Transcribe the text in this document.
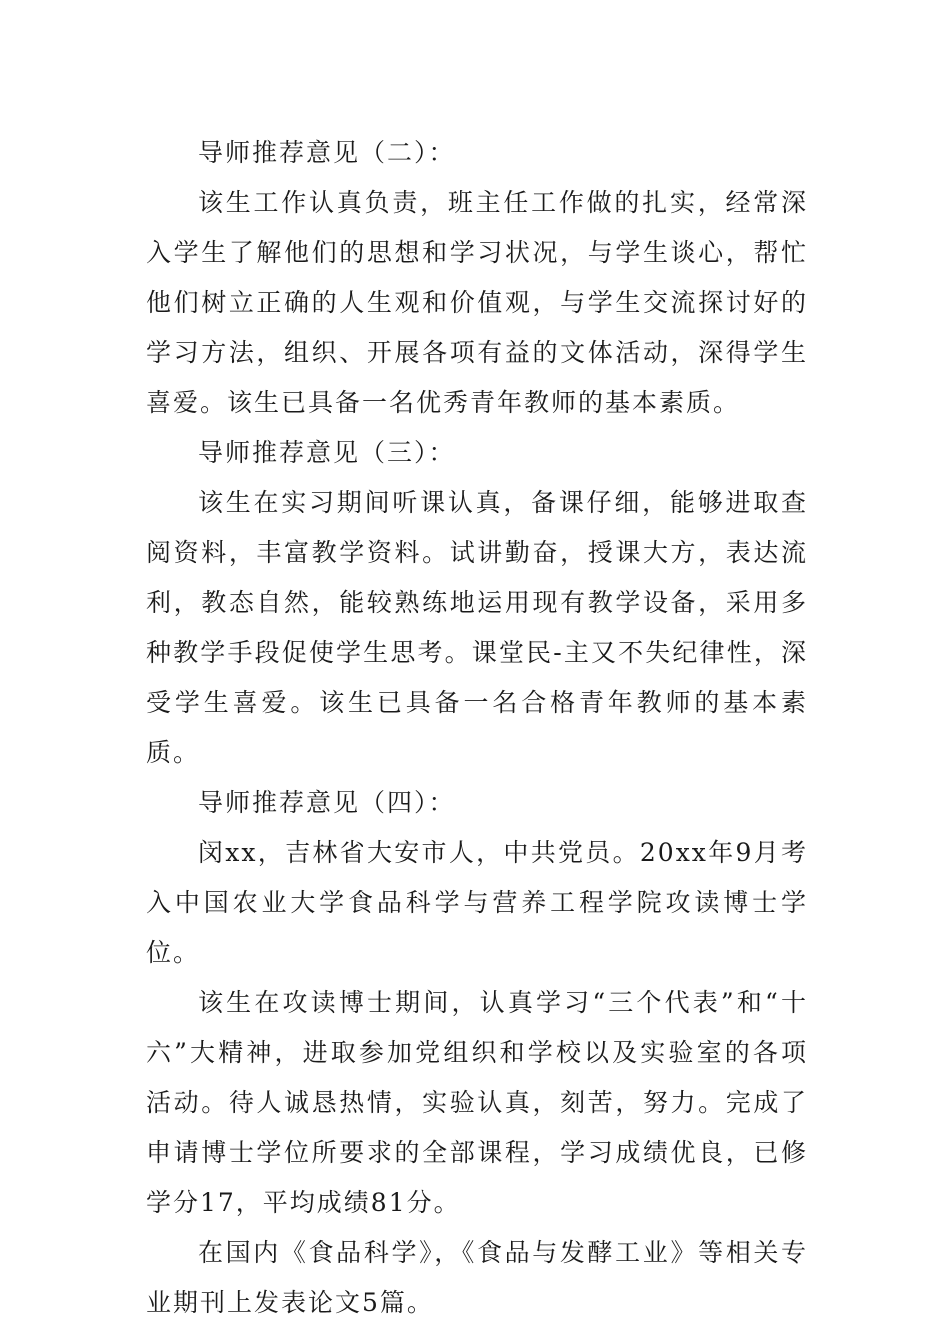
导师推荐意见（二）：

该生工作认真负责，班主任工作做的扎实，经常深入学生了解他们的思想和学习状况，与学生谈心，帮忙他们树立正确的人生观和价值观，与学生交流探讨好的学习方法，组织、开展各项有益的文体活动，深得学生喜爱。该生已具备一名优秀青年教师的基本素质。

导师推荐意见（三）：

该生在实习期间听课认真，备课仔细，能够进取查阅资料，丰富教学资料。试讲勤奋，授课大方，表达流利，教态自然，能较熟练地运用现有教学设备，采用多种教学手段促使学生思考。课堂民-主又不失纪律性，深受学生喜爱。该生已具备一名合格青年教师的基本素质。

导师推荐意见（四）：

闵xx，吉林省大安市人，中共党员。20xx年9月考入中国农业大学食品科学与营养工程学院攻读博士学位。

该生在攻读博士期间，认真学习“三个代表”和“十六”大精神，进取参加党组织和学校以及实验室的各项活动。待人诚恳热情，实验认真，刻苦，努力。完成了申请博士学位所要求的全部课程，学习成绩优良，已修学分17，平均成绩81分。

在国内《食品科学》，《食品与发酵工业》等相关专业期刊上发表论文5篇。
